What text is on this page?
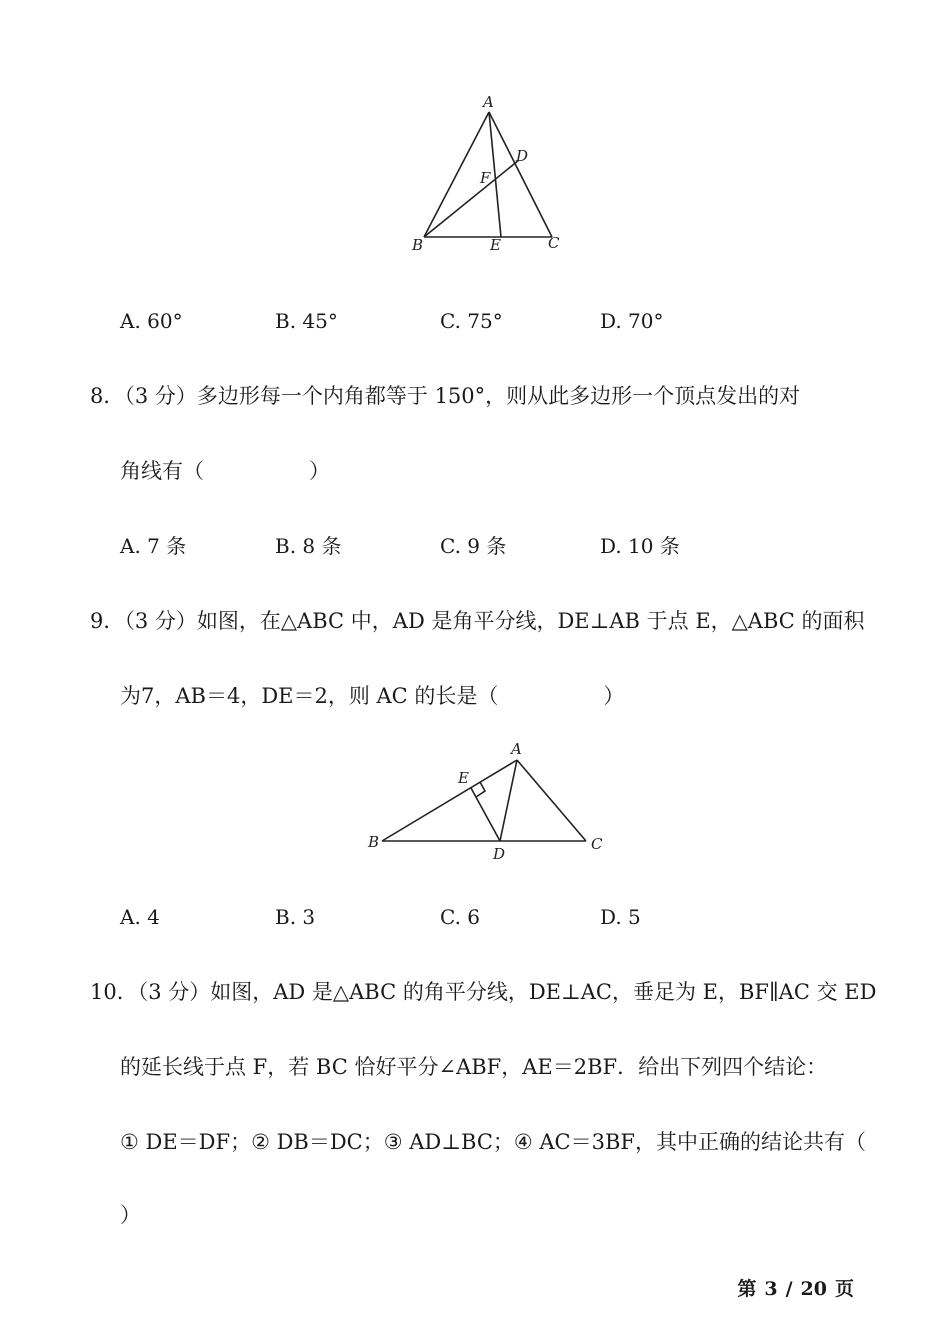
A
B	C
D
E
F
A. 60°	B. 45°	C. 75°	D. 70°
8．（3 分）多边形每一个内角都等于 150°，则从此多边形一个顶点发出的对
角线有（　　　　　）
A. 7 条	B. 8 条	C. 9 条	D. 10 条
9．（3 分）如图，在△ABC 中，AD 是角平分线，DE⊥AB 于点 E，△ABC 的面积
为7，AB＝4，DE＝2，则 AC 的长是（　　　　　）
A
B	C
D
E
A. 4	B. 3	C. 6	D. 5
10．（3 分）如图，AD 是△ABC 的角平分线，DE⊥AC，垂足为 E，BF∥AC 交 ED
的延长线于点 F，若 BC 恰好平分∠ABF，AE＝2BF．给出下列四个结论：
① DE＝DF；② DB＝DC；③ AD⊥BC；④ AC＝3BF，其中正确的结论共有（
）
第 3 / 20 页
